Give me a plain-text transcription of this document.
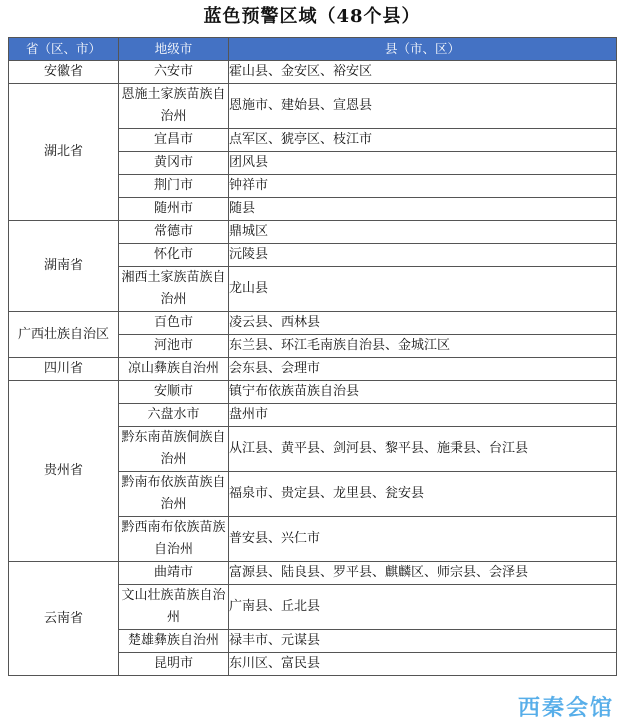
蓝色预警区域（48个县）
省（区、市）	地级市	县（市、区）
安徽省	六安市	霍山县、金安区、裕安区
湖北省	恩施土家族苗族自治州	恩施市、建始县、宣恩县
	宜昌市	点军区、猇亭区、枝江市
	黄冈市	团风县
	荆门市	钟祥市
	随州市	随县
湖南省	常德市	鼎城区
	怀化市	沅陵县
	湘西土家族苗族自治州	龙山县
广西壮族自治区	百色市	凌云县、西林县
	河池市	东兰县、环江毛南族自治县、金城江区
四川省	凉山彝族自治州	会东县、会理市
贵州省	安顺市	镇宁布依族苗族自治县
	六盘水市	盘州市
	黔东南苗族侗族自治州	从江县、黄平县、剑河县、黎平县、施秉县、台江县
	黔南布依族苗族自治州	福泉市、贵定县、龙里县、瓮安县
	黔西南布依族苗族自治州	普安县、兴仁市
云南省	曲靖市	富源县、陆良县、罗平县、麒麟区、师宗县、会泽县
	文山壮族苗族自治州	广南县、丘北县
	楚雄彝族自治州	禄丰市、元谋县
	昆明市	东川区、富民县
西秦会馆
